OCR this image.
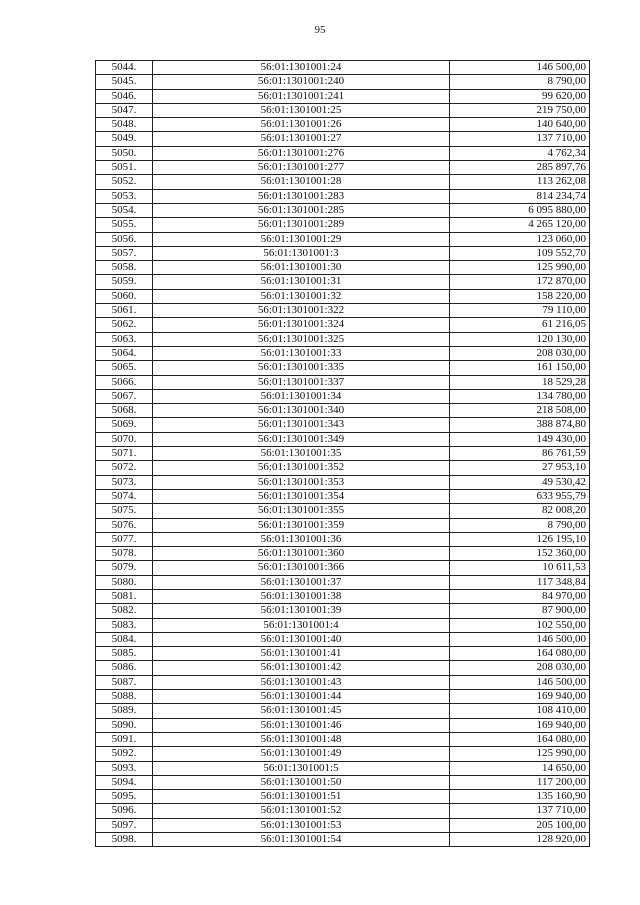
95
5044.	56:01:1301001:24	146 500,00
5045.	56:01:1301001:240	8 790,00
5046.	56:01:1301001:241	99 620,00
5047.	56:01:1301001:25	219 750,00
5048.	56:01:1301001:26	140 640,00
5049.	56:01:1301001:27	137 710,00
5050.	56:01:1301001:276	4 762,34
5051.	56:01:1301001:277	285 897,76
5052.	56:01:1301001:28	113 262,08
5053.	56:01:1301001:283	814 234,74
5054.	56:01:1301001:285	6 095 880,00
5055.	56:01:1301001:289	4 265 120,00
5056.	56:01:1301001:29	123 060,00
5057.	56:01:1301001:3	109 552,70
5058.	56:01:1301001:30	125 990,00
5059.	56:01:1301001:31	172 870,00
5060.	56:01:1301001:32	158 220,00
5061.	56:01:1301001:322	79 110,00
5062.	56:01:1301001:324	61 216,05
5063.	56:01:1301001:325	120 130,00
5064.	56:01:1301001:33	208 030,00
5065.	56:01:1301001:335	161 150,00
5066.	56:01:1301001:337	18 529,28
5067.	56:01:1301001:34	134 780,00
5068.	56:01:1301001:340	218 508,00
5069.	56:01:1301001:343	388 874,80
5070.	56:01:1301001:349	149 430,00
5071.	56:01:1301001:35	86 761,59
5072.	56:01:1301001:352	27 953,10
5073.	56:01:1301001:353	49 530,42
5074.	56:01:1301001:354	633 955,79
5075.	56:01:1301001:355	82 008,20
5076.	56:01:1301001:359	8 790,00
5077.	56:01:1301001:36	126 195,10
5078.	56:01:1301001:360	152 360,00
5079.	56:01:1301001:366	10 611,53
5080.	56:01:1301001:37	117 348,84
5081.	56:01:1301001:38	84 970,00
5082.	56:01:1301001:39	87 900,00
5083.	56:01:1301001:4	102 550,00
5084.	56:01:1301001:40	146 500,00
5085.	56:01:1301001:41	164 080,00
5086.	56:01:1301001:42	208 030,00
5087.	56:01:1301001:43	146 500,00
5088.	56:01:1301001:44	169 940,00
5089.	56:01:1301001:45	108 410,00
5090.	56:01:1301001:46	169 940,00
5091.	56:01:1301001:48	164 080,00
5092.	56:01:1301001:49	125 990,00
5093.	56:01:1301001:5	14 650,00
5094.	56:01:1301001:50	117 200,00
5095.	56:01:1301001:51	135 160,90
5096.	56:01:1301001:52	137 710,00
5097.	56:01:1301001:53	205 100,00
5098.	56:01:1301001:54	128 920,00
